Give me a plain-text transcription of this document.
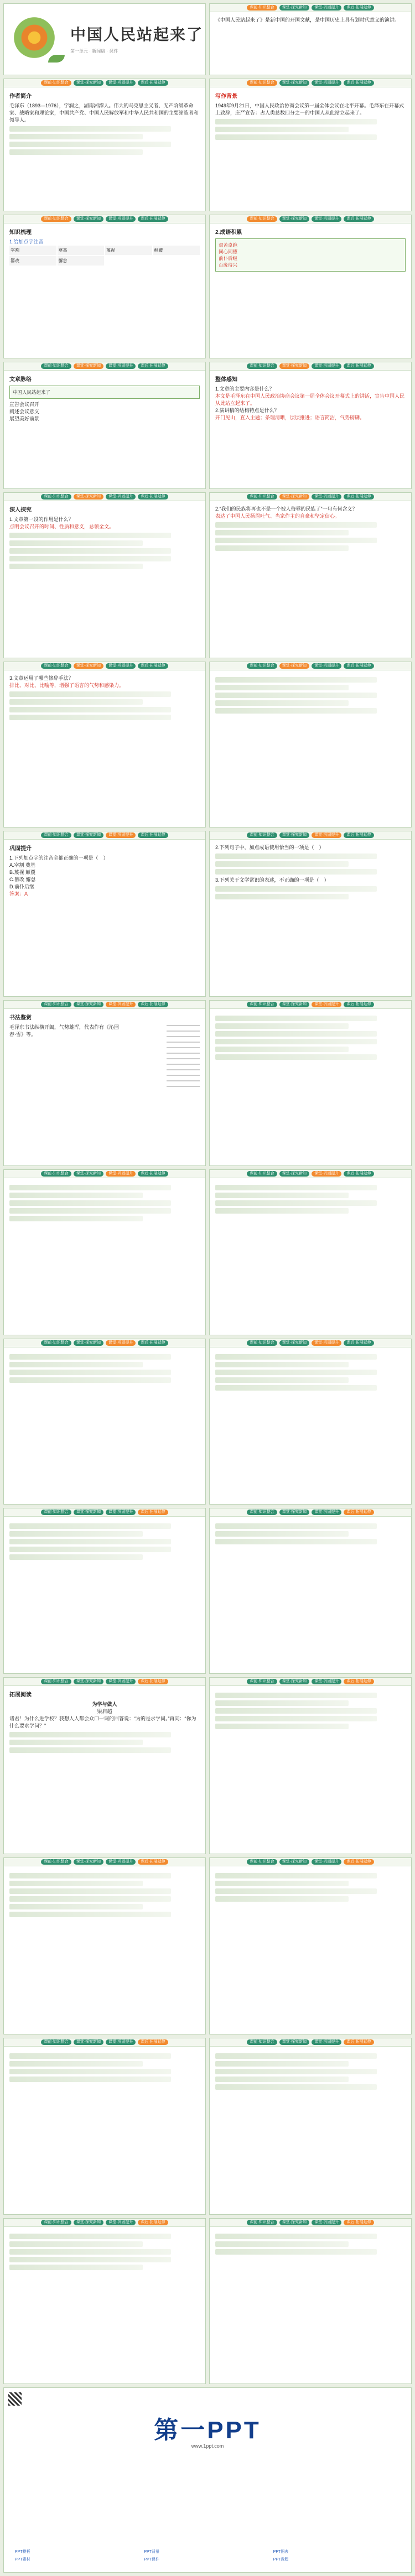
中国人民站起来了
第一单元 · 新闻稿 · 课件
课前·知识整合	课堂·探究新知	课堂·巩固提升	课后·拓展延伸
《中国人民站起来了》是新中国的开国文献，是中国历史上具有划时代意义的演讲。
课前·知识整合	课堂·探究新知	课堂·巩固提升	课后·拓展延伸
作者简介
毛泽东（1893—1976），字润之，湖南湘潭人。伟大的马克思主义者、无产阶级革命家、战略家和理论家，中国共产党、中国人民解放军和中华人民共和国的主要缔造者和领导人。
课前·知识整合	课堂·探究新知	课堂·巩固提升	课后·拓展延伸
写作背景
1949年9月21日，中国人民政治协商会议第一届全体会议在北平开幕。毛泽东在开幕式上致辞，庄严宣告：占人类总数四分之一的中国人从此站立起来了。
课前·知识整合	课堂·探究新知	课堂·巩固提升	课后·拓展延伸
知识梳理
1.给加点字注音
宰割	奠基	蔑视	颠覆
篡改	懈怠
课前·知识整合	课堂·探究新知	课堂·巩固提升	课后·拓展延伸
2.成语积累
艰苦卓绝
同心同德
前仆后继
百废待兴
课前·知识整合	课堂·探究新知	课堂·巩固提升	课后·拓展延伸
文章脉络
中国人民站起来了
宣告会议召开
阐述会议意义
展望美好前景
课前·知识整合	课堂·探究新知	课堂·巩固提升	课后·拓展延伸
整体感知
1.文章的主要内容是什么？
本文是毛泽东在中国人民政治协商会议第一届全体会议开幕式上的讲话，宣告中国人民从此站立起来了。
2.演讲稿的结构特点是什么？
开门见山，直入主题；条理清晰，层层推进；语言简洁，气势磅礴。
课前·知识整合	课堂·探究新知	课堂·巩固提升	课后·拓展延伸
深入探究
1.文章第一段的作用是什么？
点明会议召开的时间、性质和意义，总领全文。
课前·知识整合	课堂·探究新知	课堂·巩固提升	课后·拓展延伸
2.“我们的民族将再也不是一个被人侮辱的民族了”一句有何含义？
表达了中国人民扬眉吐气、当家作主的自豪和坚定信心。
课前·知识整合	课堂·探究新知	课堂·巩固提升	课后·拓展延伸
3.文章运用了哪些修辞手法？
排比、对比、比喻等，增强了语言的气势和感染力。
课前·知识整合	课堂·探究新知	课堂·巩固提升	课后·拓展延伸
课前·知识整合	课堂·探究新知	课堂·巩固提升	课后·拓展延伸
巩固提升
1.下列加点字的注音全都正确的一项是（　）
A.宰割 奠基
B.蔑视 颠覆
C.篡改 懈怠
D.前仆后继
答案：A
课前·知识整合	课堂·探究新知	课堂·巩固提升	课后·拓展延伸
2.下列句子中，加点成语使用恰当的一项是（　）
3.下列关于文学常识的表述，不正确的一项是（　）
课前·知识整合	课堂·探究新知	课堂·巩固提升	课后·拓展延伸
书法鉴赏
毛泽东书法纵横开阖，气势雄浑，代表作有《沁园春·雪》等。
课前·知识整合	课堂·探究新知	课堂·巩固提升	课后·拓展延伸
课前·知识整合	课堂·探究新知	课堂·巩固提升	课后·拓展延伸	课前·知识整合	课堂·探究新知	课堂·巩固提升	课后·拓展延伸
课前·知识整合	课堂·探究新知	课堂·巩固提升	课后·拓展延伸	课前·知识整合	课堂·探究新知	课堂·巩固提升	课后·拓展延伸
课前·知识整合	课堂·探究新知	课堂·巩固提升	课后·拓展延伸	课前·知识整合	课堂·探究新知	课堂·巩固提升	课后·拓展延伸
课前·知识整合	课堂·探究新知	课堂·巩固提升	课后·拓展延伸
拓展阅读
为学与做人
梁启超
诸君！为什么进学校？我想人人都会众口一词的回答说：“为的是求学问。”再问：“你为什么要求学问？”
课前·知识整合	课堂·探究新知	课堂·巩固提升	课后·拓展延伸
课前·知识整合	课堂·探究新知	课堂·巩固提升	课后·拓展延伸	课前·知识整合	课堂·探究新知	课堂·巩固提升	课后·拓展延伸
课前·知识整合	课堂·探究新知	课堂·巩固提升	课后·拓展延伸	课前·知识整合	课堂·探究新知	课堂·巩固提升	课后·拓展延伸
课前·知识整合	课堂·探究新知	课堂·巩固提升	课后·拓展延伸	课前·知识整合	课堂·探究新知	课堂·巩固提升	课后·拓展延伸
第一PPT
www.1ppt.com
PPT模板	PPT背景	PPT图表
PPT素材	PPT课件	PPT教程
